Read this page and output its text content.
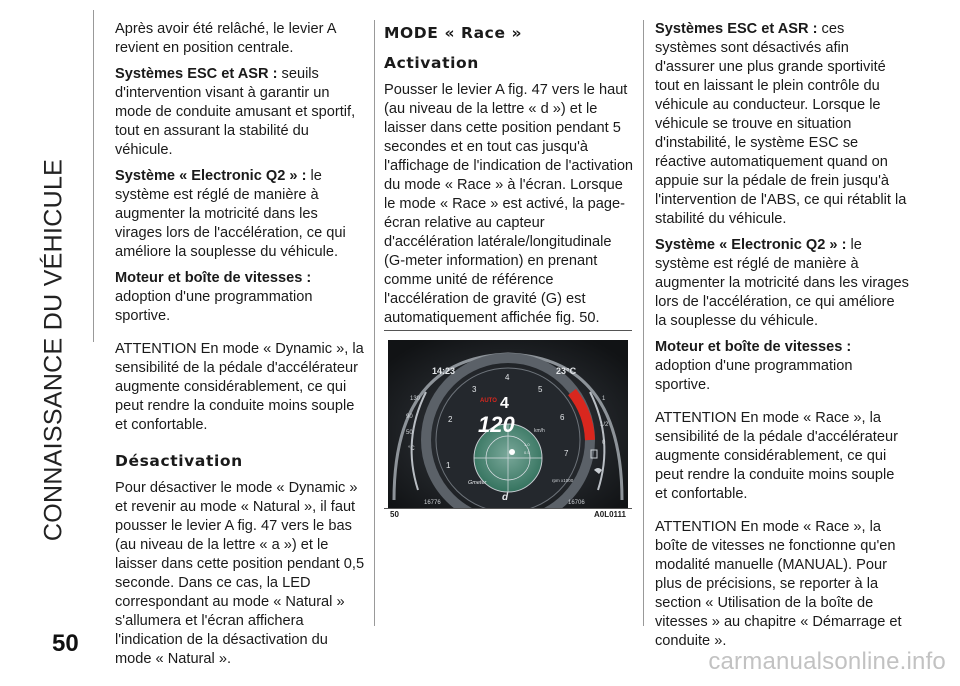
CONNAISSANCE DU VÉHICULE
50

Après avoir été relâché, le levier A revient en position centrale.

Systèmes ESC et ASR : seuils d'intervention visant à garantir un mode de conduite amusant et sportif, tout en assurant la stabilité du véhicule.

Système « Electronic Q2 » : le système est réglé de manière à augmenter la motricité dans les virages lors de l'accélération, ce qui améliore la souplesse du véhicule.

Moteur et boîte de vitesses : adoption d'une programmation sportive.

ATTENTION En mode « Dynamic », la sensibilité de la pédale d'accélérateur augmente considérablement, ce qui peut rendre la conduite moins souple et confortable.

Désactivation

Pour désactiver le mode « Dynamic » et revenir au mode « Natural », il faut pousser le levier A fig. 47 vers le bas (au niveau de la lettre « a ») et le laisser dans cette position pendant 0,5 seconde. Dans ce cas, la LED correspondant au mode « Natural » s'allumera et l'écran affichera l'indication de la désactivation du mode « Natural ».

MODE « Race »
Activation

Pousser le levier A fig. 47 vers le haut (au niveau de la lettre « d ») et le laisser dans cette position pendant 5 secondes et en tout cas jusqu'à l'affichage de l'indication de l'activation du mode « Race » à l'écran. Lorsque le mode « Race » est activé, la page-écran relative au capteur d'accélération latérale/longitudinale (G-meter information) en prenant comme unité de référence l'accélération de gravité (G) est automatiquement affichée fig. 50.

14:23	23°C
130
90
50
°C
1
1/2
0
1
2
3
4
5
6
7
AUTO 4
120	km/h
1.0
0.5
Gmeter
d
rpm x1000
16776	16706
50	A0L0111

Systèmes ESC et ASR : ces systèmes sont désactivés afin d'assurer une plus grande sportivité tout en laissant le plein contrôle du véhicule au conducteur. Lorsque le véhicule se trouve en situation d'instabilité, le système ESC se réactive automatiquement quand on appuie sur la pédale de frein jusqu'à l'intervention de l'ABS, ce qui rétablit la stabilité du véhicule.

Système « Electronic Q2 » : le système est réglé de manière à augmenter la motricité dans les virages lors de l'accélération, ce qui améliore la souplesse du véhicule.

Moteur et boîte de vitesses : adoption d'une programmation sportive.

ATTENTION En mode « Race », la sensibilité de la pédale d'accélérateur augmente considérablement, ce qui peut rendre la conduite moins souple et confortable.

ATTENTION En mode « Race », la boîte de vitesses ne fonctionne qu'en modalité manuelle (MANUAL). Pour plus de précisions, se reporter à la section « Utilisation de la boîte de vitesses » au chapitre « Démarrage et conduite ».

carmanualsonline.info
